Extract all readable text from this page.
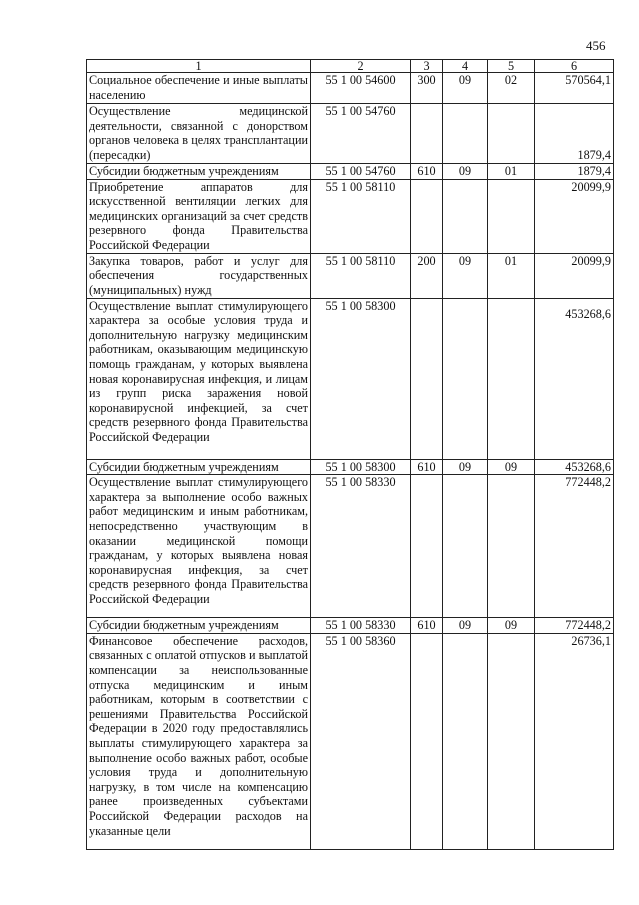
456
1	2	3	4	5	6
Социальное обеспечение и иные выплаты населению	55 1 00 54600	300	09	02	570564,1
Осуществление медицинской деятельности, связанной с донорством органов человека в целях трансплантации (пересадки)	55 1 00 54760				1879,4
Субсидии бюджетным учреждениям	55 1 00 54760	610	09	01	1879,4
Приобретение аппаратов для искусственной вентиляции легких для медицинских организаций за счет средств резервного фонда Правительства Российской Федерации	55 1 00 58110				20099,9
Закупка товаров, работ и услуг для обеспечения государственных (муниципальных) нужд	55 1 00 58110	200	09	01	20099,9
Осуществление выплат стимулирующего характера за особые условия труда и дополнительную нагрузку медицинским работникам, оказывающим медицинскую помощь гражданам, у которых выявлена новая коронавирусная инфекция, и лицам из групп риска заражения новой коронавирусной инфекцией, за счет средств резервного фонда Правительства Российской Федерации	55 1 00 58300				453268,6
Субсидии бюджетным учреждениям	55 1 00 58300	610	09	09	453268,6
Осуществление выплат стимулирующего характера за выполнение особо важных работ медицинским и иным работникам, непосредственно участвующим в оказании медицинской помощи гражданам, у которых выявлена новая коронавирусная инфекция, за счет средств резервного фонда Правительства Российской Федерации	55 1 00 58330				772448,2
Субсидии бюджетным учреждениям	55 1 00 58330	610	09	09	772448,2
Финансовое обеспечение расходов, связанных с оплатой отпусков и выплатой компенсации за неиспользованные отпуска медицинским и иным работникам, которым в соответствии с решениями Правительства Российской Федерации в 2020 году предоставлялись выплаты стимулирующего характера за выполнение особо важных работ, особые условия труда и дополнительную нагрузку, в том числе на компенсацию ранее произведенных субъектами Российской Федерации расходов на указанные цели	55 1 00 58360				26736,1
